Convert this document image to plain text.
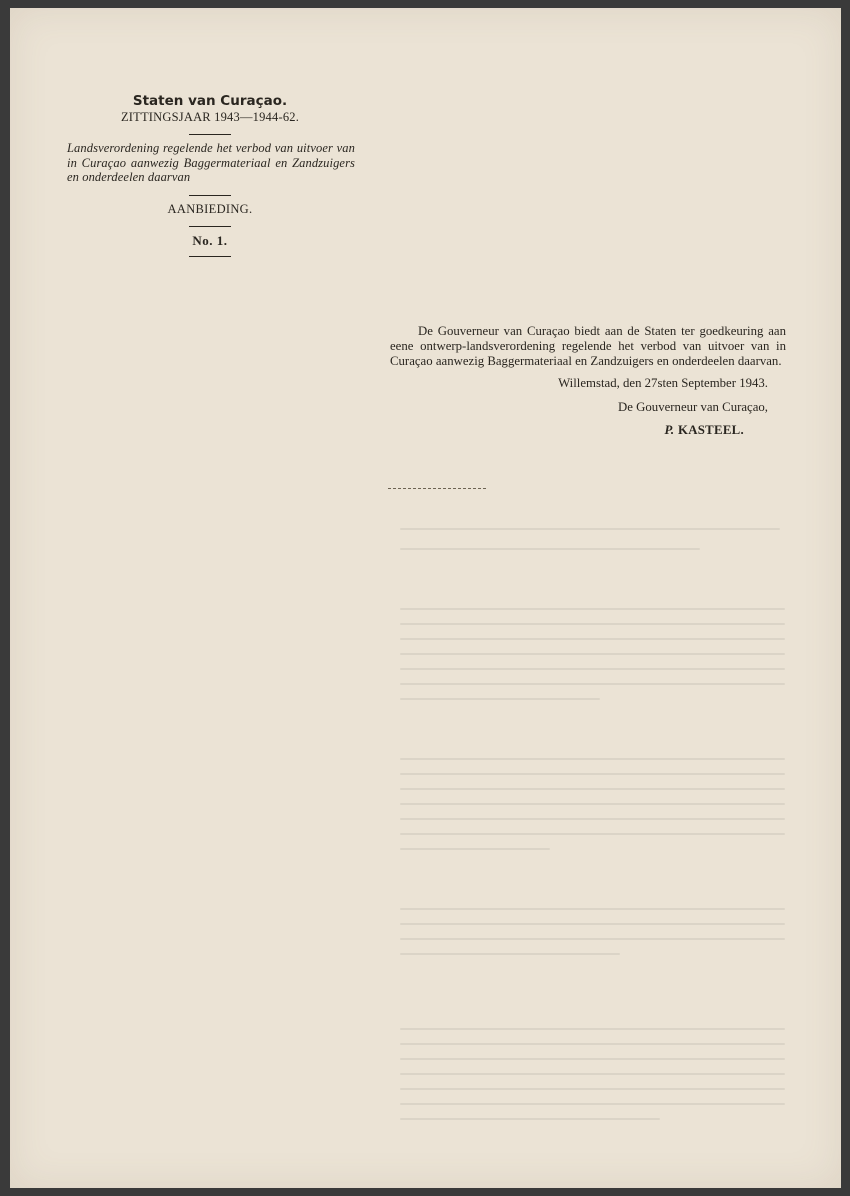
Staten van Curaçao.

ZITTINGSJAAR 1943—1944-62.

Landsverordening regelende het verbod van uitvoer van in Curaçao aanwezig Baggermateriaal en Zandzuigers en onderdeelen daarvan

AANBIEDING.

No. 1.

De Gouverneur van Curaçao biedt aan de Staten ter goedkeuring aan eene ontwerp-landsverordening regelende het verbod van uitvoer van in Curaçao aanwezig Baggermateriaal en Zandzuigers en onderdeelen daarvan.

Willemstad, den 27sten September 1943.

De Gouverneur van Curaçao,

P. KASTEEL.
